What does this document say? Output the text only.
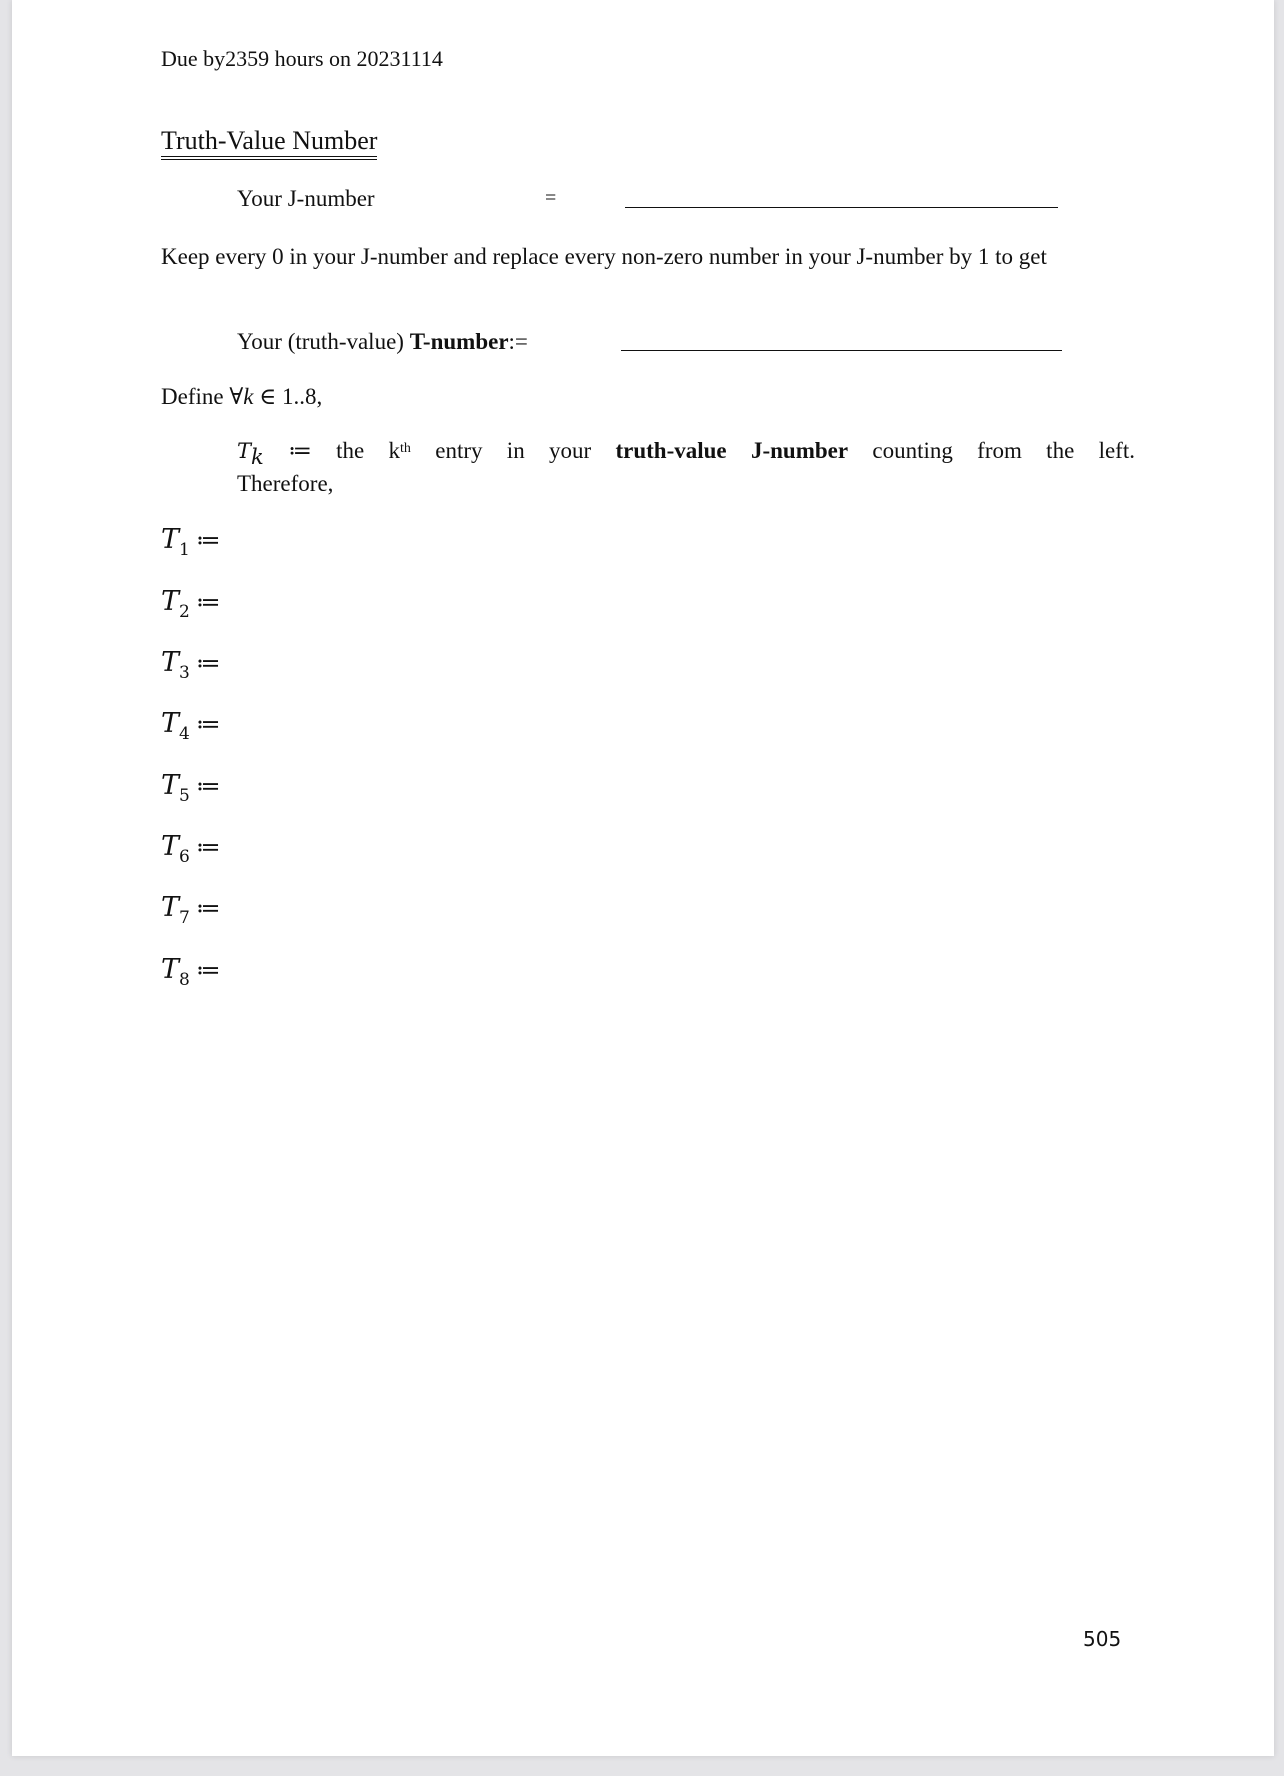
Due by2359 hours on 20231114
Truth-Value Number
Your J-number	=
Keep every 0 in your J-number and replace every non-zero number in your J-number by 1 to get
Your (truth-value) T-number:=
Define ∀k ∈ 1..8,
$T_k$ ≔ the $k^{th}$ entry in your truth-value J-number counting from the left.
Therefore,
$T_1$ ≔
$T_2$ ≔
$T_3$ ≔
$T_4$ ≔
$T_5$ ≔
$T_6$ ≔
$T_7$ ≔
$T_8$ ≔
505
